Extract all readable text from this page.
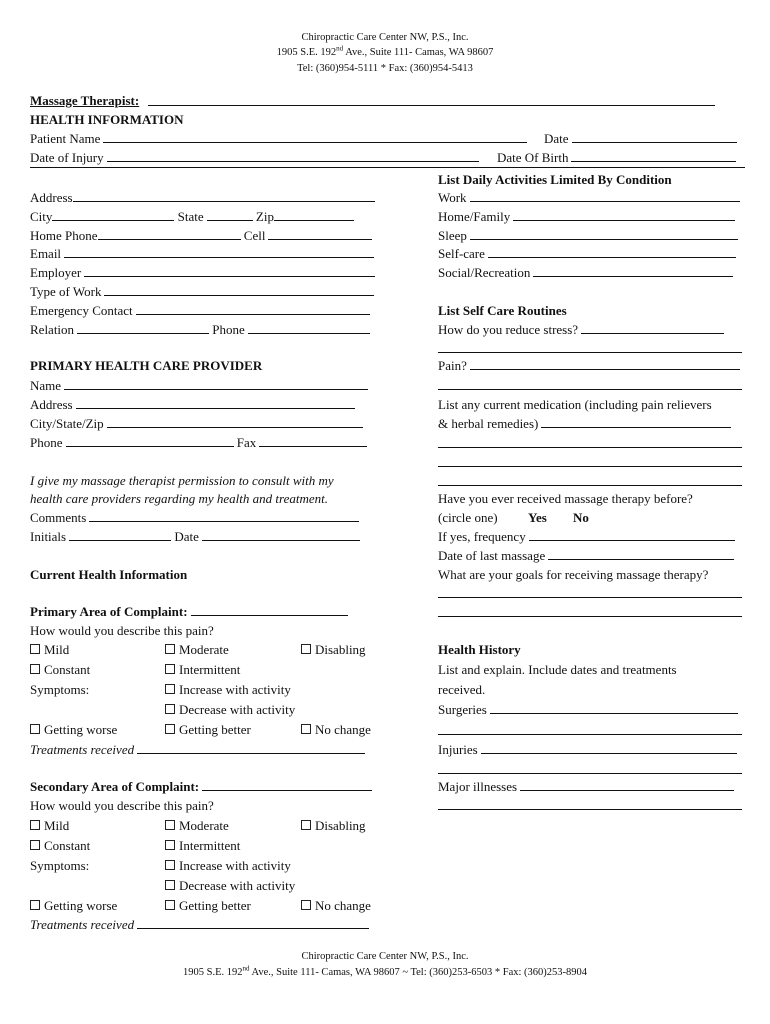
Chiropractic Care Center NW, P.S., Inc.
1905 S.E. 192nd Ave., Suite 111- Camas, WA 98607
Tel: (360)954-5111 * Fax: (360)954-5413
Massage Therapist:
HEALTH INFORMATION
Patient Name	Date
Date of Injury	Date Of Birth
Address
City	State	Zip
Home Phone	Cell
Email
Employer
Type of Work
Emergency Contact
Relation	Phone
PRIMARY HEALTH CARE PROVIDER
Name
Address
City/State/Zip
Phone	Fax
I give my massage therapist permission to consult with my
health care providers regarding my health and treatment.
Comments
Initials	Date
Current Health Information
Primary Area of Complaint:
How would you describe this pain?
Mild	Moderate	Disabling
Constant	Intermittent
Symptoms:	Increase with activity
Decrease with activity
Getting worse	Getting better	No change
Treatments received
Secondary Area of Complaint:
How would you describe this pain?
Mild	Moderate	Disabling
Constant	Intermittent
Symptoms:	Increase with activity
Decrease with activity
Getting worse	Getting better	No change
Treatments received
List Daily Activities Limited By Condition
Work
Home/Family
Sleep
Self-care
Social/Recreation
List Self Care Routines
How do you reduce stress?
Pain?
List any current medication (including pain relievers
& herbal remedies)
Have you ever received massage therapy before?
(circle one) Yes No
If yes, frequency
Date of last massage
What are your goals for receiving massage therapy?
Health History
List and explain. Include dates and treatments
received.
Surgeries
Injuries
Major illnesses
Chiropractic Care Center NW, P.S., Inc.
1905 S.E. 192nd Ave., Suite 111- Camas, WA 98607 ~ Tel: (360)253-6503 * Fax: (360)253-8904
